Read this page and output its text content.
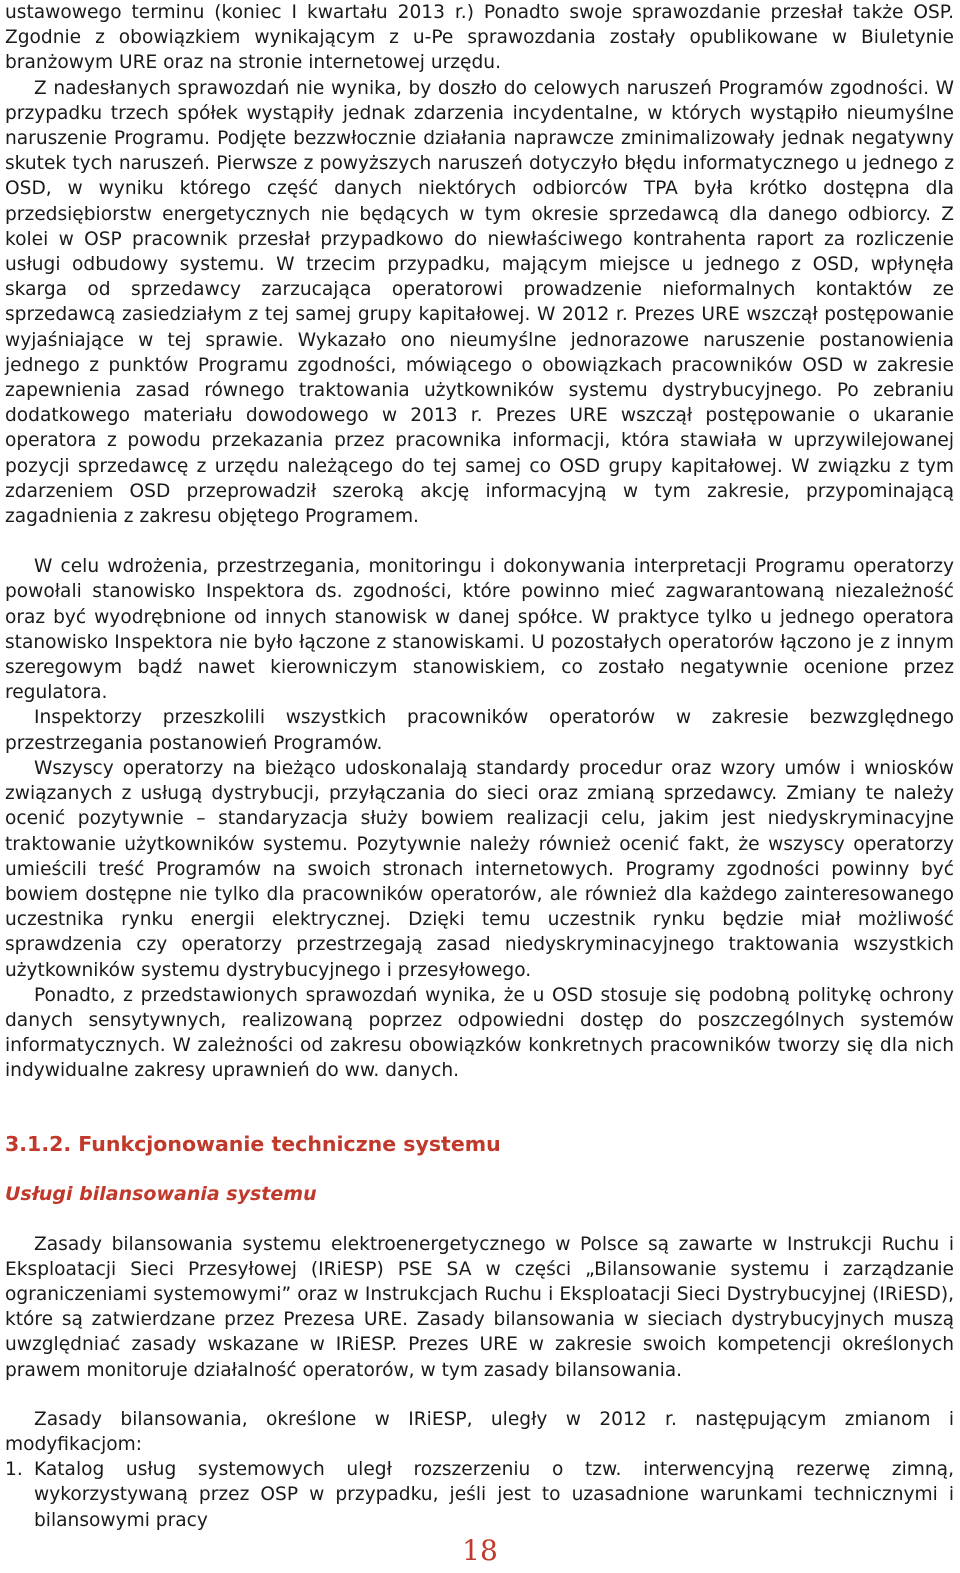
ustawowego terminu (koniec I kwartału 2013 r.) Ponadto swoje sprawozdanie przesłał także OSP. Zgodnie z obowiązkiem wynikającym z u-Pe sprawozdania zostały opublikowane w Biuletynie branżowym URE oraz na stronie internetowej urzędu.

Z nadesłanych sprawozdań nie wynika, by doszło do celowych naruszeń Programów zgodności. W przypadku trzech spółek wystąpiły jednak zdarzenia incydentalne, w których wystąpiło nieumyślne naruszenie Programu. Podjęte bezzwłocznie działania naprawcze zminimalizowały jednak negatywny skutek tych naruszeń. Pierwsze z powyższych naruszeń dotyczyło błędu informatycznego u jednego z OSD, w wyniku którego część danych niektórych odbiorców TPA była krótko dostępna dla przedsiębiorstw energetycznych nie będących w tym okresie sprzedawcą dla danego odbiorcy. Z kolei w OSP pracownik przesłał przypadkowo do niewłaściwego kontrahenta raport za rozliczenie usługi odbudowy systemu. W trzecim przypadku, mającym miejsce u jednego z OSD, wpłynęła skarga od sprzedawcy zarzucająca operatorowi prowadzenie nieformalnych kontaktów ze sprzedawcą zasiedziałym z tej samej grupy kapitałowej. W 2012 r. Prezes URE wszczął postępowanie wyjaśniające w tej sprawie. Wykazało ono nieumyślne jednorazowe naruszenie postanowienia jednego z punktów Programu zgodności, mówiącego o obowiązkach pracowników OSD w zakresie zapewnienia zasad równego traktowania użytkowników systemu dystrybucyjnego. Po zebraniu dodatkowego materiału dowodowego w 2013 r. Prezes URE wszczął postępowanie o ukaranie operatora z powodu przekazania przez pracownika informacji, która stawiała w uprzywilejowanej pozycji sprzedawcę z urzędu należącego do tej samej co OSD grupy kapitałowej. W związku z tym zdarzeniem OSD przeprowadził szeroką akcję informacyjną w tym zakresie, przypominającą zagadnienia z zakresu objętego Programem.

W celu wdrożenia, przestrzegania, monitoringu i dokonywania interpretacji Programu operatorzy powołali stanowisko Inspektora ds. zgodności, które powinno mieć zagwarantowaną niezależność oraz być wyodrębnione od innych stanowisk w danej spółce. W praktyce tylko u jednego operatora stanowisko Inspektora nie było łączone z stanowiskami. U pozostałych operatorów łączono je z innym szeregowym bądź nawet kierowniczym stanowiskiem, co zostało negatywnie ocenione przez regulatora.

Inspektorzy przeszkolili wszystkich pracowników operatorów w zakresie bezwzględnego przestrzegania postanowień Programów.

Wszyscy operatorzy na bieżąco udoskonalają standardy procedur oraz wzory umów i wniosków związanych z usługą dystrybucji, przyłączania do sieci oraz zmianą sprzedawcy. Zmiany te należy ocenić pozytywnie – standaryzacja służy bowiem realizacji celu, jakim jest niedyskryminacyjne traktowanie użytkowników systemu. Pozytywnie należy również ocenić fakt, że wszyscy operatorzy umieścili treść Programów na swoich stronach internetowych. Programy zgodności powinny być bowiem dostępne nie tylko dla pracowników operatorów, ale również dla każdego zainteresowanego uczestnika rynku energii elektrycznej. Dzięki temu uczestnik rynku będzie miał możliwość sprawdzenia czy operatorzy przestrzegają zasad niedyskryminacyjnego traktowania wszystkich użytkowników systemu dystrybucyjnego i przesyłowego.

Ponadto, z przedstawionych sprawozdań wynika, że u OSD stosuje się podobną politykę ochrony danych sensytywnych, realizowaną poprzez odpowiedni dostęp do poszczególnych systemów informatycznych. W zależności od zakresu obowiązków konkretnych pracowników tworzy się dla nich indywidualne zakresy uprawnień do ww. danych.

3.1.2. Funkcjonowanie techniczne systemu
Usługi bilansowania systemu

Zasady bilansowania systemu elektroenergetycznego w Polsce są zawarte w Instrukcji Ruchu i Eksploatacji Sieci Przesyłowej (IRiESP) PSE SA w części „Bilansowanie systemu i zarządzanie ograniczeniami systemowymi” oraz w Instrukcjach Ruchu i Eksploatacji Sieci Dystrybucyjnej (IRiESD), które są zatwierdzane przez Prezesa URE. Zasady bilansowania w sieciach dystrybucyjnych muszą uwzględniać zasady wskazane w IRiESP. Prezes URE w zakresie swoich kompetencji określonych prawem monitoruje działalność operatorów, w tym zasady bilansowania.

Zasady bilansowania, określone w IRiESP, uległy w 2012 r. następującym zmianom i modyfikacjom:

1. Katalog usług systemowych uległ rozszerzeniu o tzw. interwencyjną rezerwę zimną, wykorzystywaną przez OSP w przypadku, jeśli jest to uzasadnione warunkami technicznymi i bilansowymi pracy
18
